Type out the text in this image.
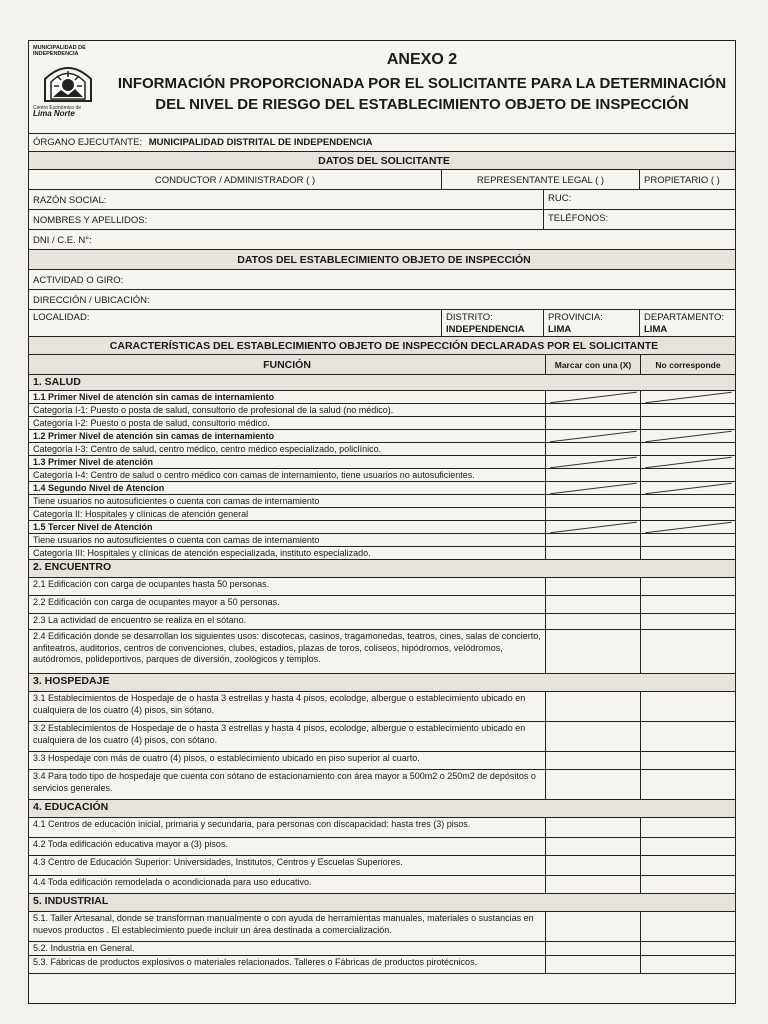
MUNICIPALIDAD DE INDEPENDENCIA
Centro Económico de
Lima Norte
ANEXO 2
INFORMACIÓN PROPORCIONADA POR EL SOLICITANTE PARA LA DETERMINACIÓN
DEL NIVEL DE RIESGO DEL ESTABLECIMIENTO OBJETO DE INSPECCIÓN
ÓRGANO EJECUTANTE: MUNICIPALIDAD DISTRITAL DE INDEPENDENCIA
DATOS DEL SOLICITANTE
CONDUCTOR / ADMINISTRADOR ( )	REPRESENTANTE LEGAL ( )	PROPIETARIO ( )
RAZÓN SOCIAL:	RUC:
NOMBRES Y APELLIDOS:	TELÉFONOS:
DNI / C.E. N°:
DATOS DEL ESTABLECIMIENTO OBJETO DE INSPECCIÓN
ACTIVIDAD O GIRO:
DIRECCIÓN / UBICACIÓN:
LOCALIDAD:	DISTRITO:
INDEPENDENCIA
PROVINCIA:
LIMA
DEPARTAMENTO:
LIMA
CARACTERÍSTICAS DEL ESTABLECIMIENTO OBJETO DE INSPECCIÓN DECLARADAS POR EL SOLICITANTE
FUNCIÓN	Marcar con una (X)	No corresponde
1. SALUD
1.1 Primer Nivel de atención sin camas de internamiento
Categoría I-1: Puesto o posta de salud, consultorio de profesional de la salud (no médico).
Categoría I-2: Puesto o posta de salud, consultorio médico.
1.2 Primer Nivel de atención sin camas de internamiento
Categoría I-3: Centro de salud, centro médico, centro médico especializado, policlínico.
1.3 Primer Nivel de atención
Categoría I-4: Centro de salud o centro médico con camas de internamiento, tiene usuarios no autosuficientes.
1.4 Segundo Nivel de Atencion
Tiene usuarios no autosuficientes o cuenta con camas de internamiento
Categoría II: Hospitales y clínicas de atención general
1.5 Tercer Nivel de Atención
Tiene usuarios no autosuficientes o cuenta con camas de internamiento
Categoría III: Hospitales y clínicas de atención especializada, instituto especializado.
2. ENCUENTRO
2.1 Edificación con carga de ocupantes hasta 50 personas.
2.2 Edificación con carga de ocupantes mayor a 50 personas.
2.3 La actividad de encuentro se realiza en el sótano.
2.4 Edificación donde se desarrollan los siguientes usos: discotecas, casinos, tragamonedas, teatros, cines, salas de concierto, anfiteatros, auditorios, centros de convenciones, clubes, estadios, plazas de toros, coliseos, hipódromos, velódromos, autódromos, polideportivos, parques de diversión, zoológicos y templos.
3. HOSPEDAJE
3.1 Establecimientos de Hospedaje de o hasta 3 estrellas y hasta 4 pisos, ecolodge, albergue o establecimiento ubicado en cualquiera de los cuatro (4) pisos, sin sótano.
3.2 Establecimientos de Hospedaje de o hasta 3 estrellas y hasta 4 pisos, ecolodge, albergue o establecimiento ubicado en cualquiera de los cuatro (4) pisos, con sótano.
3.3 Hospedaje con más de cuatro (4) pisos, o establecimiento ubicado en piso superior al cuarto.
3.4 Para todo tipo de hospedaje que cuenta con sótano de estacionamiento con área mayor a 500m2 o 250m2 de depósitos o servicios generales.
4. EDUCACIÓN
4.1 Centros de educación inicial, primaria y secundaria, para personas con discapacidad: hasta tres (3) pisos.
4.2 Toda edificación educativa mayor a (3) pisos.
4.3 Centro de Educación Superior: Universidades, Institutos, Centros y Escuelas Superiores.
4.4 Toda edificación remodelada o acondicionada para uso educativo.
5. INDUSTRIAL
5.1. Taller Artesanal, donde se transforman manualmente o con ayuda de herramientas manuales, materiales o sustancias en nuevos productos . El establecimiento puede incluir un área destinada a comercialización.
5.2. Industria en General.
5.3. Fábricas de productos explosivos o materiales relacionados. Talleres o Fábricas de productos pirotécnicos.
